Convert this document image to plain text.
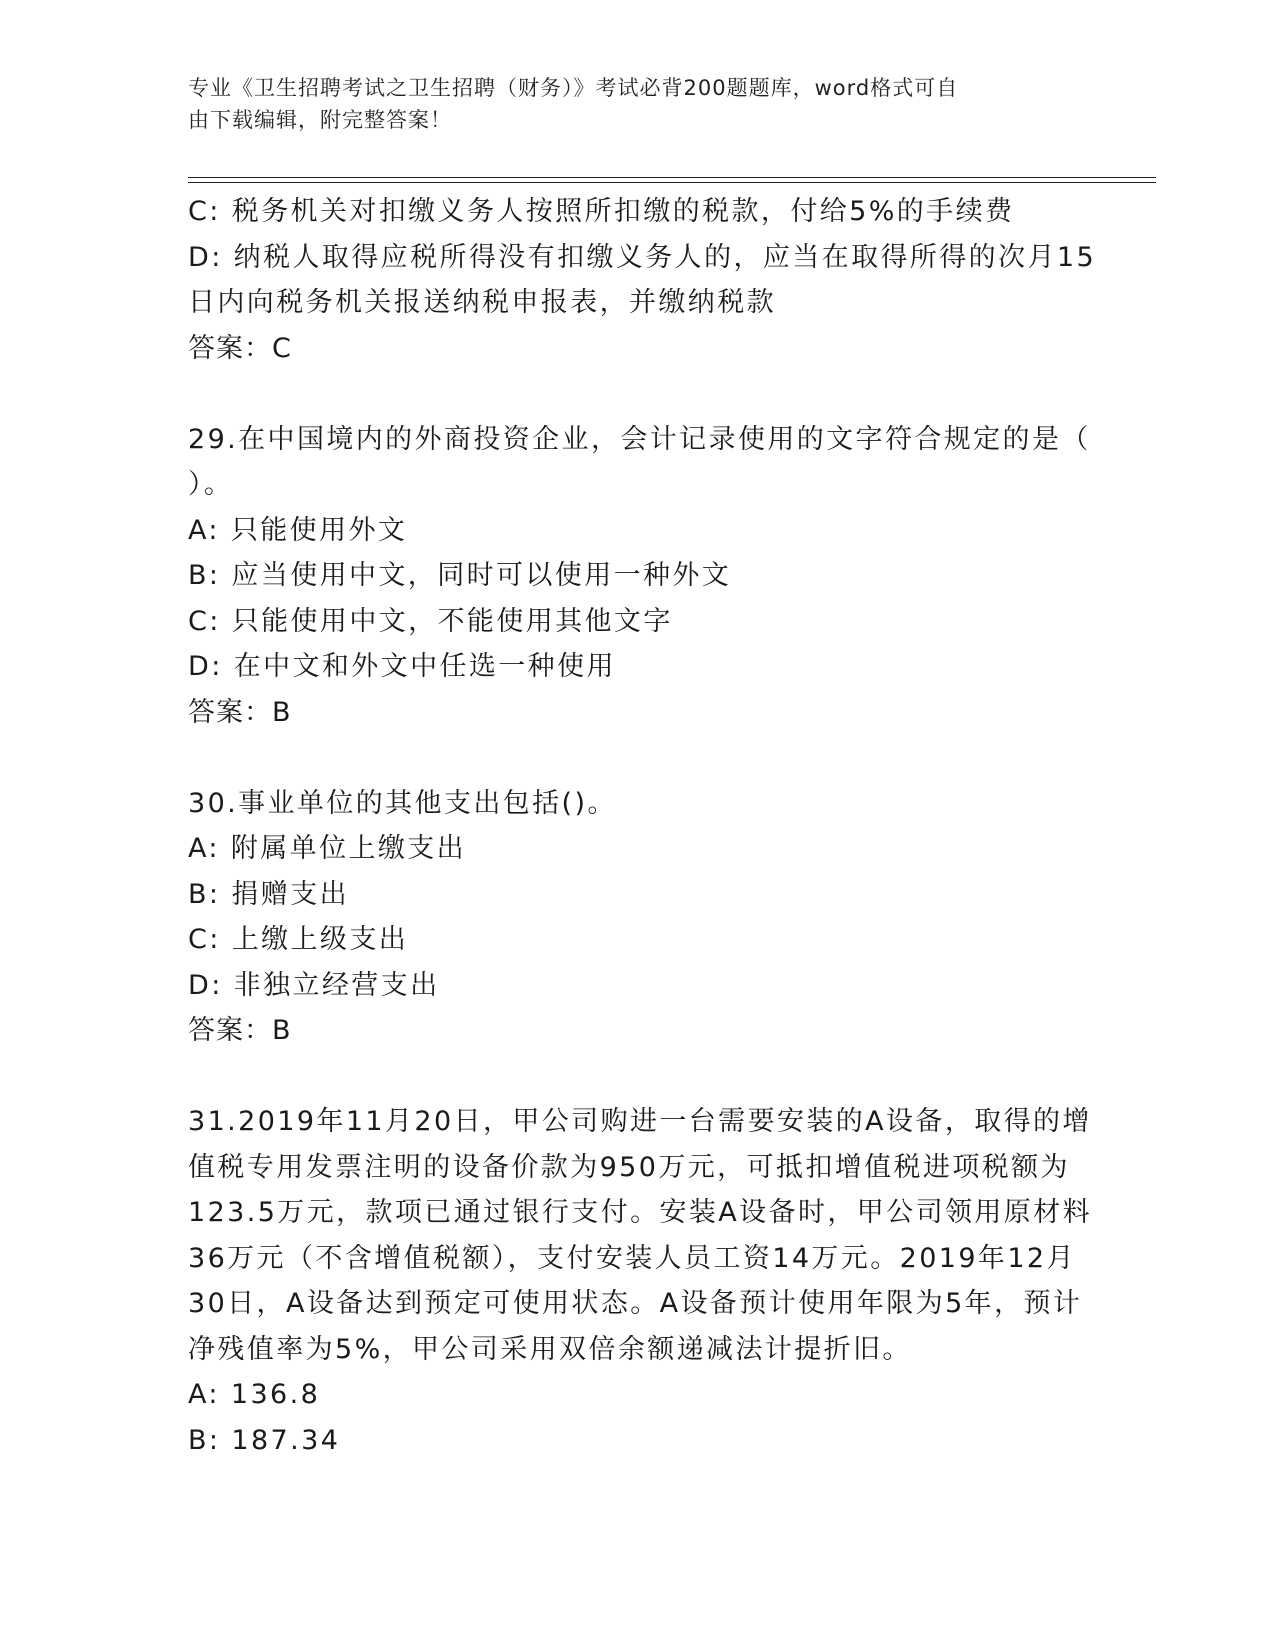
专业《卫生招聘考试之卫生招聘（财务）》考试必背200题题库，word格式可自
由下载编辑，附完整答案！
C: 税务机关对扣缴义务人按照所扣缴的税款，付给5%的手续费
D: 纳税人取得应税所得没有扣缴义务人的，应当在取得所得的次月15
日内向税务机关报送纳税申报表，并缴纳税款
答案：C
29.在中国境内的外商投资企业，会计记录使用的文字符合规定的是（
）。
A: 只能使用外文
B: 应当使用中文，同时可以使用一种外文
C: 只能使用中文，不能使用其他文字
D: 在中文和外文中任选一种使用
答案：B
30.事业单位的其他支出包括()。
A: 附属单位上缴支出
B: 捐赠支出
C: 上缴上级支出
D: 非独立经营支出
答案：B
31.2019年11月20日，甲公司购进一台需要安装的A设备，取得的增
值税专用发票注明的设备价款为950万元，可抵扣增值税进项税额为
123.5万元，款项已通过银行支付。安装A设备时，甲公司领用原材料
36万元（不含增值税额），支付安装人员工资14万元。2019年12月
30日，A设备达到预定可使用状态。A设备预计使用年限为5年，预计
净残值率为5%，甲公司采用双倍余额递减法计提折旧。
A: 136.8
B: 187.34
